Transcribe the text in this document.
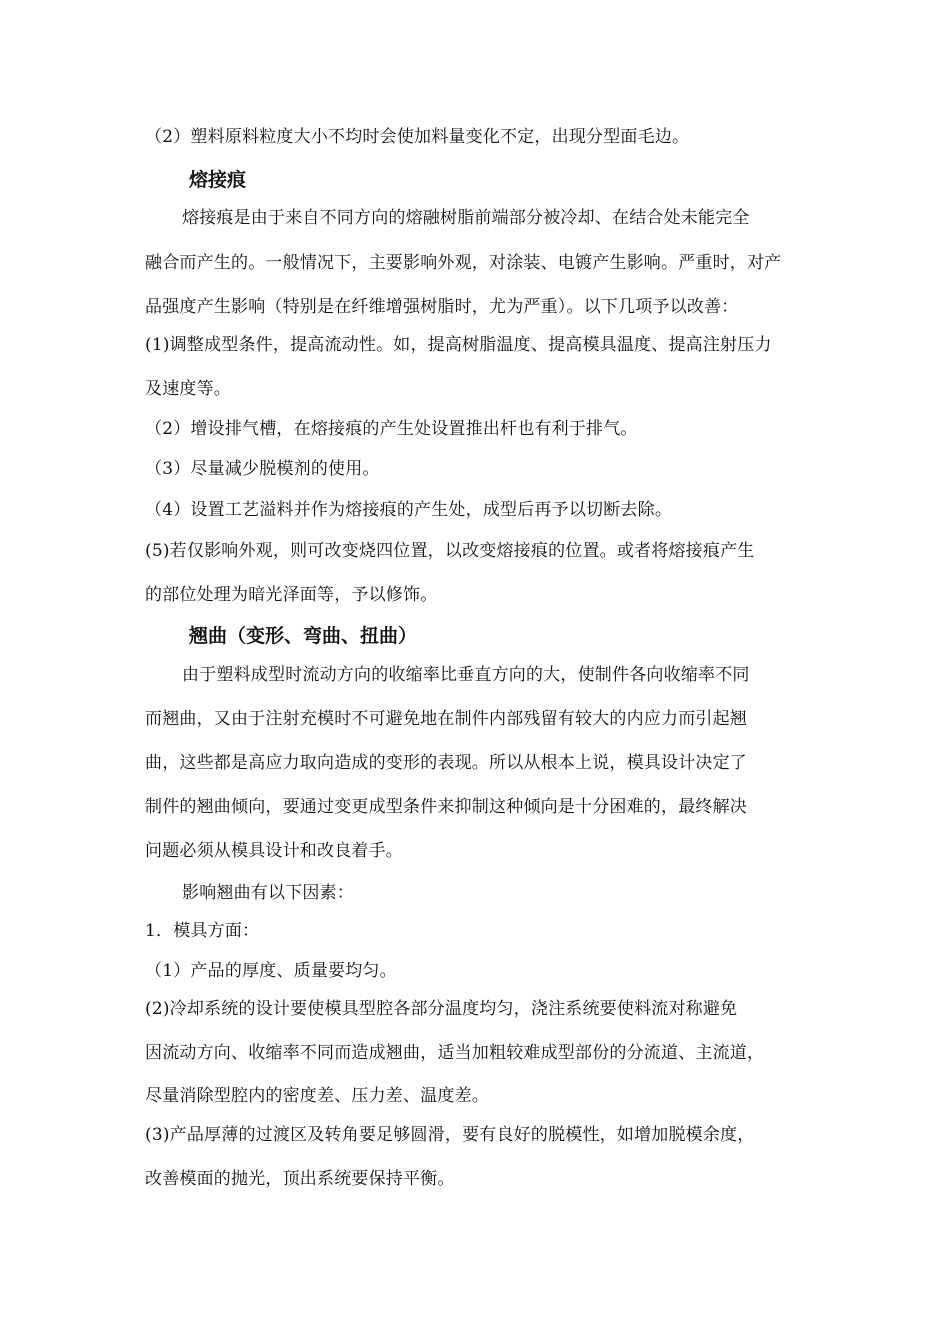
（2）塑料原料粒度大小不均时会使加料量变化不定，出现分型面毛边。
熔接痕
熔接痕是由于来自不同方向的熔融树脂前端部分被冷却、在结合处未能完全
融合而产生的。一般情况下，主要影响外观，对涂装、电镀产生影响。严重时，对产
品强度产生影响（特别是在纤维增强树脂时，尤为严重）。以下几项予以改善：
(1)调整成型条件，提高流动性。如，提高树脂温度、提高模具温度、提高注射压力
及速度等。
（2）增设排气槽，在熔接痕的产生处设置推出杆也有利于排气。
（3）尽量减少脱模剂的使用。
（4）设置工艺溢料并作为熔接痕的产生处，成型后再予以切断去除。
(5)若仅影响外观，则可改变烧四位置，以改变熔接痕的位置。或者将熔接痕产生
的部位处理为暗光泽面等，予以修饰。
翘曲（变形、弯曲、扭曲）
由于塑料成型时流动方向的收缩率比垂直方向的大，使制件各向收缩率不同
而翘曲，又由于注射充模时不可避免地在制件内部残留有较大的内应力而引起翘
曲，这些都是高应力取向造成的变形的表现。所以从根本上说，模具设计决定了
制件的翘曲倾向，要通过变更成型条件来抑制这种倾向是十分困难的，最终解决
问题必须从模具设计和改良着手。
影响翘曲有以下因素：
1．模具方面：
（1）产品的厚度、质量要均匀。
(2)冷却系统的设计要使模具型腔各部分温度均匀，浇注系统要使料流对称避免
因流动方向、收缩率不同而造成翘曲，适当加粗较难成型部份的分流道、主流道，
尽量消除型腔内的密度差、压力差、温度差。
(3)产品厚薄的过渡区及转角要足够圆滑，要有良好的脱模性，如增加脱模余度，
改善模面的抛光，顶出系统要保持平衡。
